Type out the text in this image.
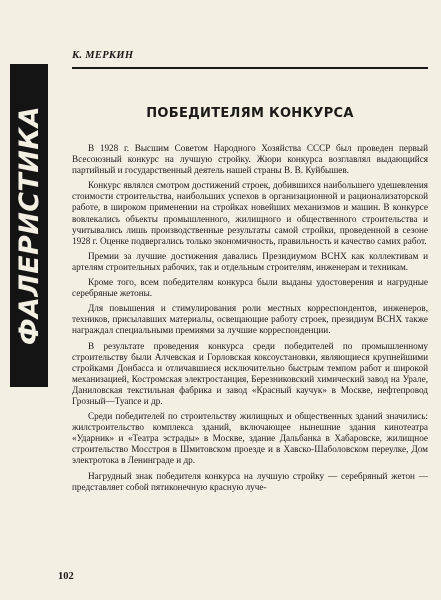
К. МЕРКИН
ФАЛЕРИСТИКА	ПОБЕДИТЕЛЯМ КОНКУРСА

В 1928 г. Высшим Советом Народного Хозяйства СССР был проведен первый Всесоюзный конкурс на лучшую стройку. Жюри конкурса возглавлял выдающийся партийный и государственный деятель нашей страны В. В. Куйбышев.

Конкурс являлся смотром достижений строек, добившихся наибольшего удешевления стоимости строительства, наибольших успехов в организационной и рационализаторской работе, в широком применении на стройках новейших механизмов и машин. В конкурсе вовлекались объекты промышленного, жилищного и общественного строительства и учитывались лишь производственные результаты самой стройки, проведенной в сезоне 1928 г. Оценке подвергались только экономичность, правильность и качество самих работ.

Премии за лучшие достижения давались Президиумом ВСНХ как коллективам и артелям строительных рабочих, так и отдельным строителям, инженерам и техникам.

Кроме того, всем победителям конкурса были выданы удостоверения и нагрудные серебряные жетоны.

Для повышения и стимулирования роли местных корреспондентов, инженеров, техников, присылавших материалы, освещающие работу строек, президиум ВСНХ также награждал специальными премиями за лучшие корреспонденции.

В результате проведения конкурса среди победителей по промышленному строительству были Алчевская и Горловская коксоустановки, являющиеся крупнейшими стройками Донбасса и отличавшиеся исключительно быстрым темпом работ и широкой механизацией, Костромская электростанция, Березниковский химический завод на Урале, Даниловская текстильная фабрика и завод «Красный каучук» в Москве, нефтепровод Грозный—Туапсе и др.

Среди победителей по строительству жилищных и общественных зданий значились: жилстроительство комплекса зданий, включающее нынешние здания кинотеатра «Ударник» и «Театра эстрады» в Москве, здание Дальбанка в Хабаровске, жилищное строительство Мосстроя в Шмитовском проезде и в Хавско-Шаболовском переулке, Дом электротока в Ленинграде и др.

Нагрудный знак победителя конкурса на лучшую стройку — серебряный жетон — представляет собой пятиконечную красную луче-

102
